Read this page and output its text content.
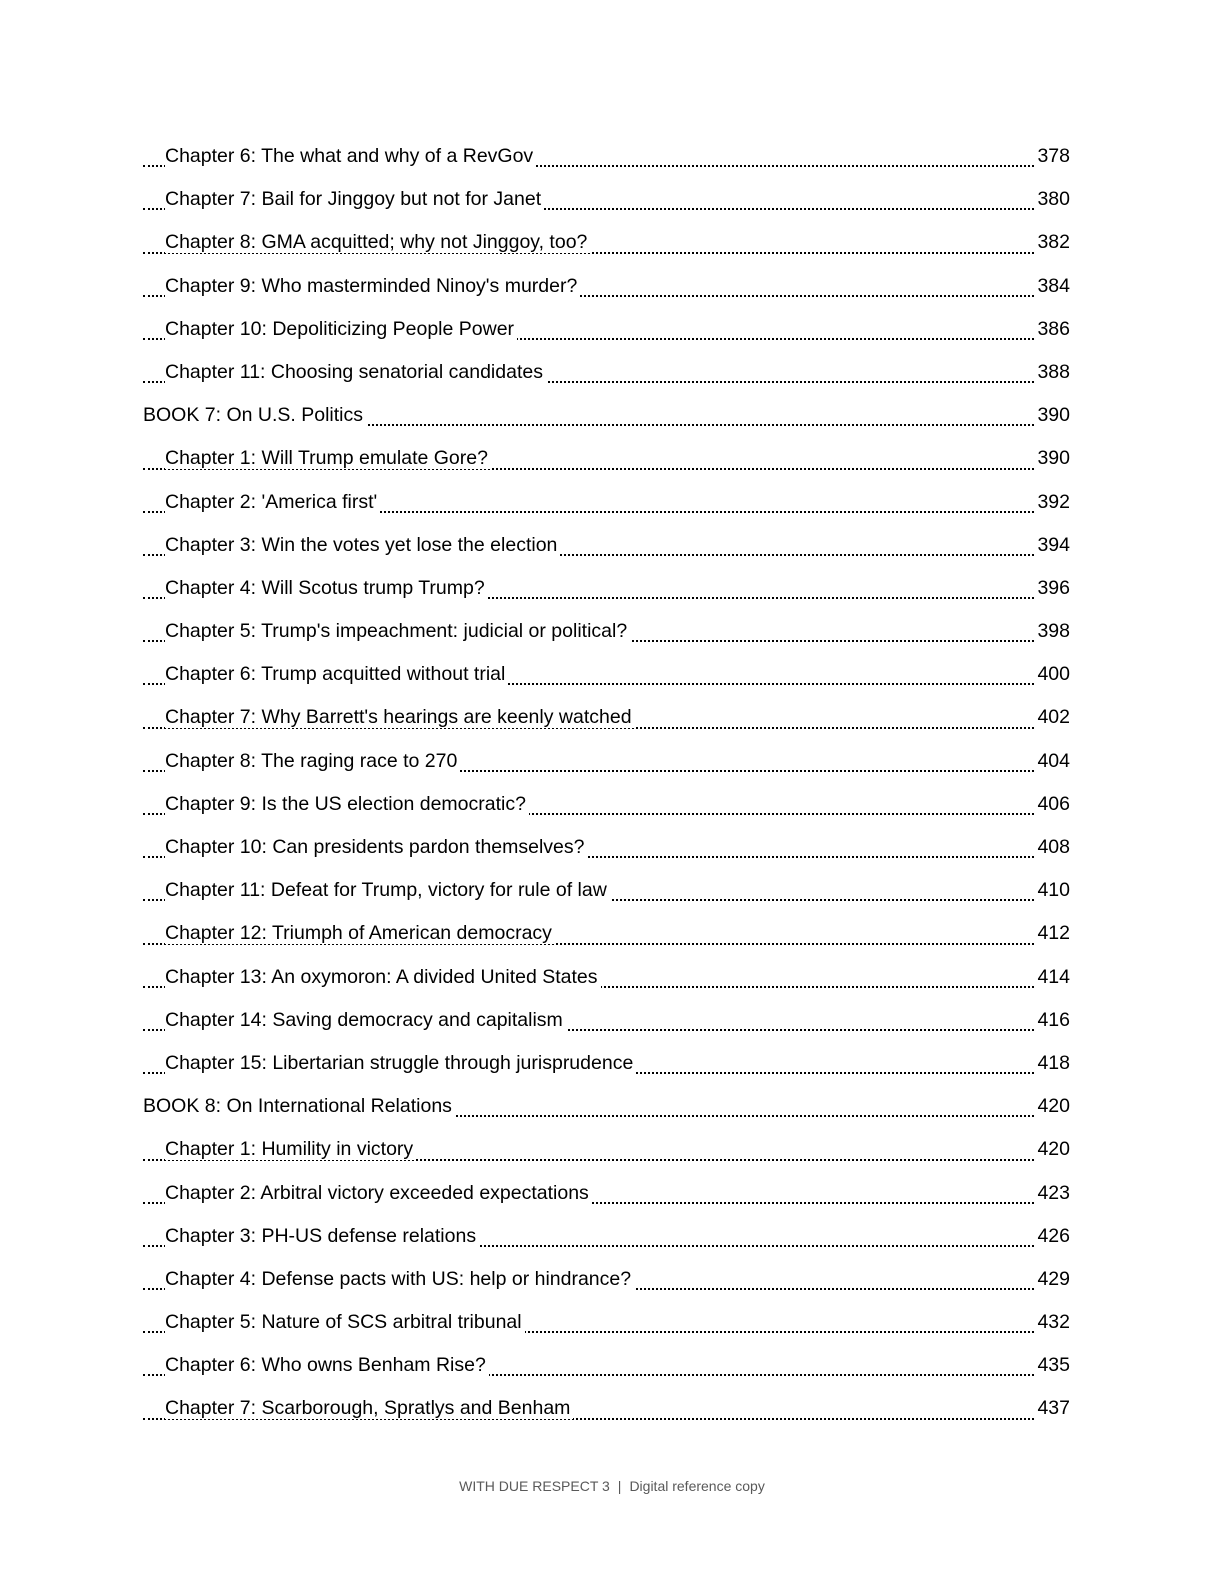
Chapter 6: The what and why of a RevGov	378
Chapter 7: Bail for Jinggoy but not for Janet	380
Chapter 8: GMA acquitted; why not Jinggoy, too?	382
Chapter 9: Who masterminded Ninoy's murder?	384
Chapter 10: Depoliticizing People Power	386
Chapter 11: Choosing senatorial candidates	388
BOOK 7: On U.S. Politics	390
Chapter 1: Will Trump emulate Gore?	390
Chapter 2: 'America first'	392
Chapter 3: Win the votes yet lose the election	394
Chapter 4: Will Scotus trump Trump?	396
Chapter 5: Trump's impeachment: judicial or political?	398
Chapter 6: Trump acquitted without trial	400
Chapter 7: Why Barrett's hearings are keenly watched	402
Chapter 8: The raging race to 270	404
Chapter 9: Is the US election democratic?	406
Chapter 10: Can presidents pardon themselves?	408
Chapter 11: Defeat for Trump, victory for rule of law	410
Chapter 12: Triumph of American democracy	412
Chapter 13: An oxymoron: A divided United States	414
Chapter 14: Saving democracy and capitalism	416
Chapter 15: Libertarian struggle through jurisprudence	418
BOOK 8: On International Relations	420
Chapter 1: Humility in victory	420
Chapter 2: Arbitral victory exceeded expectations	423
Chapter 3: PH-US defense relations	426
Chapter 4: Defense pacts with US: help or hindrance?	429
Chapter 5: Nature of SCS arbitral tribunal	432
Chapter 6: Who owns Benham Rise?	435
Chapter 7: Scarborough, Spratlys and Benham	437
WITH DUE RESPECT 3 | Digital reference copy
